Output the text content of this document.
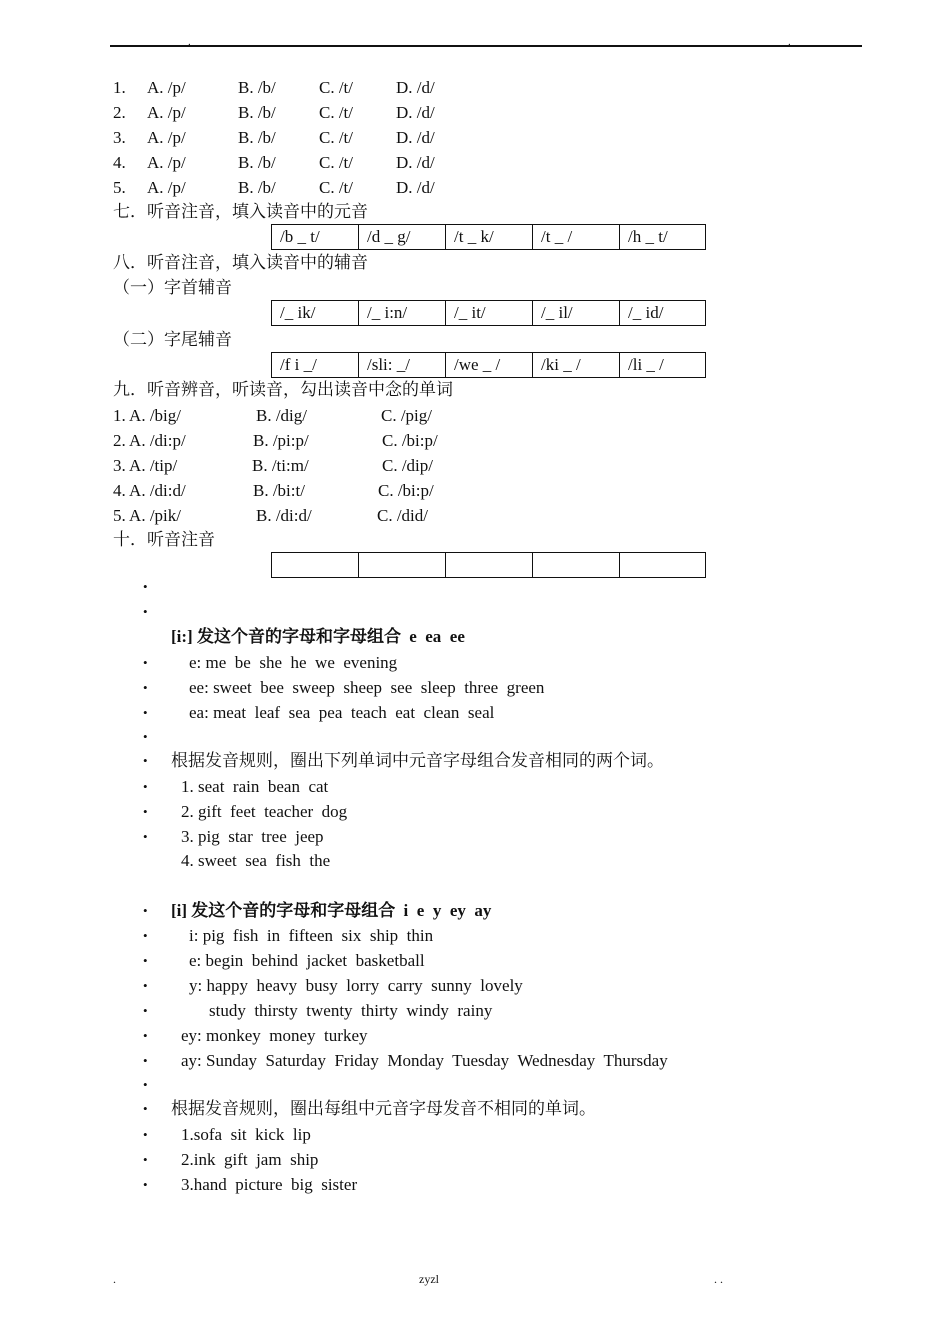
.	.
1. A. /p/	B. /b/	C. /t/	D. /d/
2. A. /p/	B. /b/	C. /t/	D. /d/
3. A. /p/	B. /b/	C. /t/	D. /d/
4. A. /p/	B. /b/	C. /t/	D. /d/
5. A. /p/	B. /b/	C. /t/	D. /d/
七．听音注音，填入读音中的元音
/b _ t/	/d _ g/	/t _ k/	/t _ /	/h _ t/
八．听音注音，填入读音中的辅音
（一）字首辅音
/_ ik/	/_ i:n/	/_ it/	/_ il/	/_ id/
（二）字尾辅音
/f i _/	/sli: _/	/we _ /	/ki _ /	/li _ /
九．听音辨音，听读音，勾出读音中念的单词
1. A. /big/	B. /dig/	C. /pig/
2. A. /di:p/	B. /pi:p/	C. /bi:p/
3. A. /tip/	B. /ti:m/	C. /dip/
4. A. /di:d/	B. /bi:t/	C. /bi:p/
5. A. /pik/	B. /di:d/	C. /did/
十．听音注音

•
•
•
•
•
•
•
•
•
•
•
•
•
•
•
•
•
•
•
•
•
•
[i:] 发这个音的字母和字母组合 e  ea  ee
e: me  be  she  he  we  evening
ee: sweet  bee  sweep  sheep  see  sleep  three  green
ea: meat  leaf  sea  pea  teach  eat  clean  seal
根据发音规则，圈出下列单词中元音字母组合发音相同的两个词。
1. seat  rain  bean  cat
2. gift  feet  teacher  dog
3. pig  star  tree  jeep
4. sweet  sea  fish  the
[i] 发这个音的字母和字母组合 i  e  y  ey  ay
i: pig  fish  in  fifteen  six  ship  thin
e: begin  behind  jacket  basketball
y: happy  heavy  busy  lorry  carry  sunny  lovely
study  thirsty  twenty  thirty  windy  rainy
ey: monkey  money  turkey
ay: Sunday  Saturday  Friday  Monday  Tuesday  Wednesday  Thursday
根据发音规则，圈出每组中元音字母发音不相同的单词。
1.sofa  sit  kick  lip
2.ink  gift  jam  ship
3.hand  picture  big  sister
.	zyzl	. .
